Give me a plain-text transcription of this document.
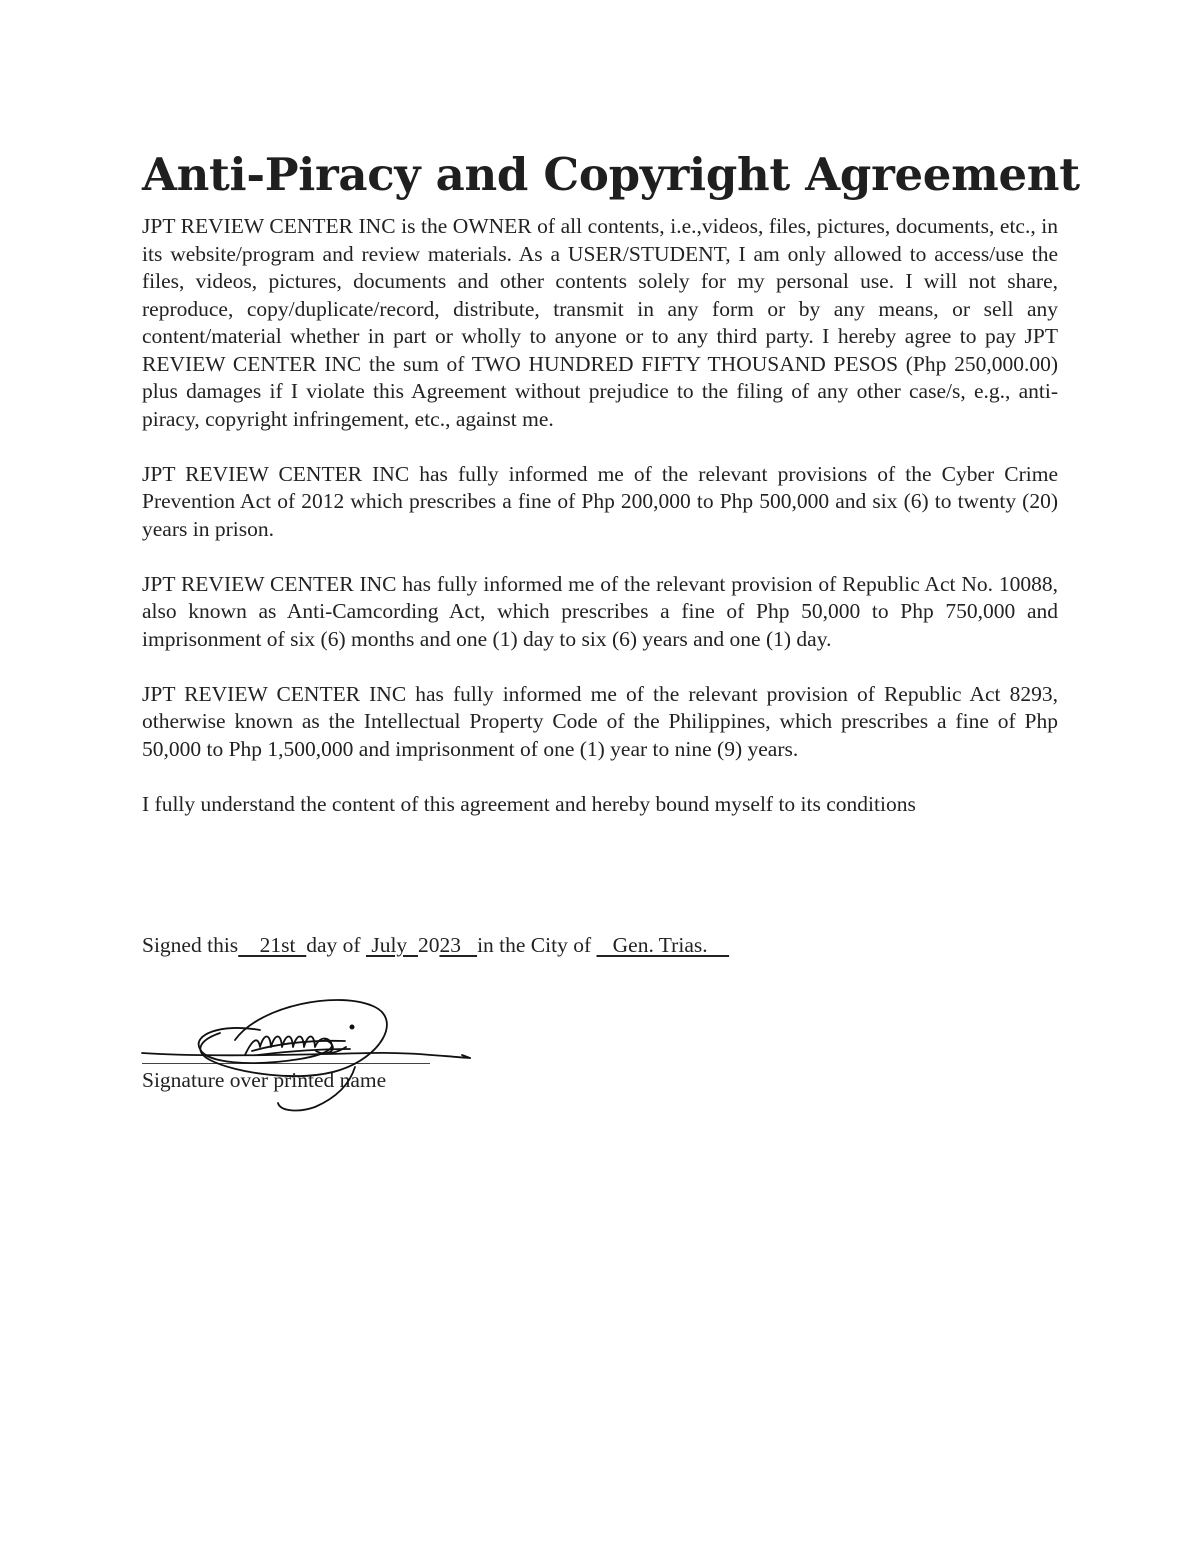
Anti-Piracy and Copyright Agreement

JPT REVIEW CENTER INC is the OWNER of all contents, i.e.,videos, files, pictures, documents, etc., in its website/program and review materials. As a USER/STUDENT, I am only allowed to access/use the files, videos, pictures, documents and other contents solely for my personal use. I will not share, reproduce, copy/duplicate/record, distribute, transmit in any form or by any means, or sell any content/material whether in part or wholly to anyone or to any third party. I hereby agree to pay JPT REVIEW CENTER INC the sum of TWO HUNDRED FIFTY THOUSAND PESOS (Php 250,000.00) plus damages if I violate this Agreement without prejudice to the filing of any other case/s, e.g., anti-piracy, copyright infringement, etc., against me.

JPT REVIEW CENTER INC has fully informed me of the relevant provisions of the Cyber Crime Prevention Act of 2012 which prescribes a fine of Php 200,000 to Php 500,000 and six (6) to twenty (20) years in prison.

JPT REVIEW CENTER INC has fully informed me of the relevant provision of Republic Act No. 10088, also known as Anti-Camcording Act, which prescribes a fine of Php 50,000 to Php 750,000 and imprisonment of six (6) months and one (1) day to six (6) years and one (1) day.

JPT REVIEW CENTER INC has fully informed me of the relevant provision of Republic Act 8293, otherwise known as the Intellectual Property Code of the Philippines, which prescribes a fine of Php 50,000 to Php 1,500,000 and imprisonment of one (1) year to nine (9) years.

I fully understand the content of this agreement and hereby bound myself to its conditions

Signed this    21st  day of  July  2023   in the City of    Gen. Trias.
Signature over printed name
